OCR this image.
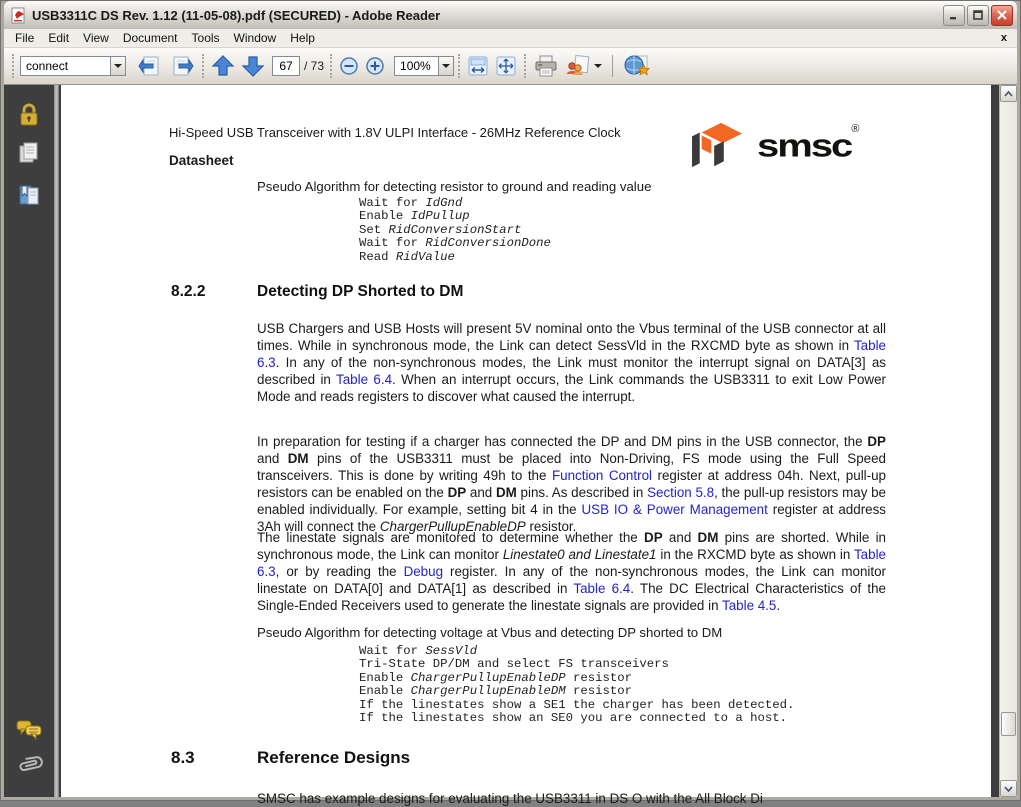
USB3311C DS Rev. 1.12 (11-05-08).pdf (SECURED) - Adobe Reader
File	Edit	View	Document	Tools	Window	Help	x
connect	67 / 73	100%
Hi-Speed USB Transceiver with 1.8V ULPI Interface - 26MHz Reference Clock
Datasheet	smsc ®
Pseudo Algorithm for detecting resistor to ground and reading value
Wait for IdGnd
Enable IdPullup
Set RidConversionStart
Wait for RidConversionDone
Read RidValue
8.2.2	Detecting DP Shorted to DM

USB Chargers and USB Hosts will present 5V nominal onto the Vbus terminal of the USB connector at all times. While in synchronous mode, the Link can detect SessVld in the RXCMD byte as shown in Table 6.3. In any of the non-synchronous modes, the Link must monitor the interrupt signal on DATA[3] as described in Table 6.4. When an interrupt occurs, the Link commands the USB3311 to exit Low Power Mode and reads registers to discover what caused the interrupt.

In preparation for testing if a charger has connected the DP and DM pins in the USB connector, the DP and DM pins of the USB3311 must be placed into Non-Driving, FS mode using the Full Speed transceivers. This is done by writing 49h to the Function Control register at address 04h. Next, pull-up resistors can be enabled on the DP and DM pins. As described in Section 5.8, the pull-up resistors may be enabled individually. For example, setting bit 4 in the USB IO & Power Management register at address 3Ah will connect the ChargerPullupEnableDP resistor.

The linestate signals are monitored to determine whether the DP and DM pins are shorted. While in synchronous mode, the Link can monitor Linestate0 and Linestate1 in the RXCMD byte as shown in Table 6.3, or by reading the Debug register. In any of the non-synchronous modes, the Link can monitor linestate on DATA[0] and DATA[1] as described in Table 6.4. The DC Electrical Characteristics of the Single-Ended Receivers used to generate the linestate signals are provided in Table 4.5.

Pseudo Algorithm for detecting voltage at Vbus and detecting DP shorted to DM
Wait for SessVld
Tri-State DP/DM and select FS transceivers
Enable ChargerPullupEnableDP resistor
Enable ChargerPullupEnableDM resistor
If the linestates show a SE1 the charger has been detected.
If the linestates show an SE0 you are connected to a host.
8.3	Reference Designs

SMSC has example designs for evaluating the USB3311 in DS O with the All Block Di
